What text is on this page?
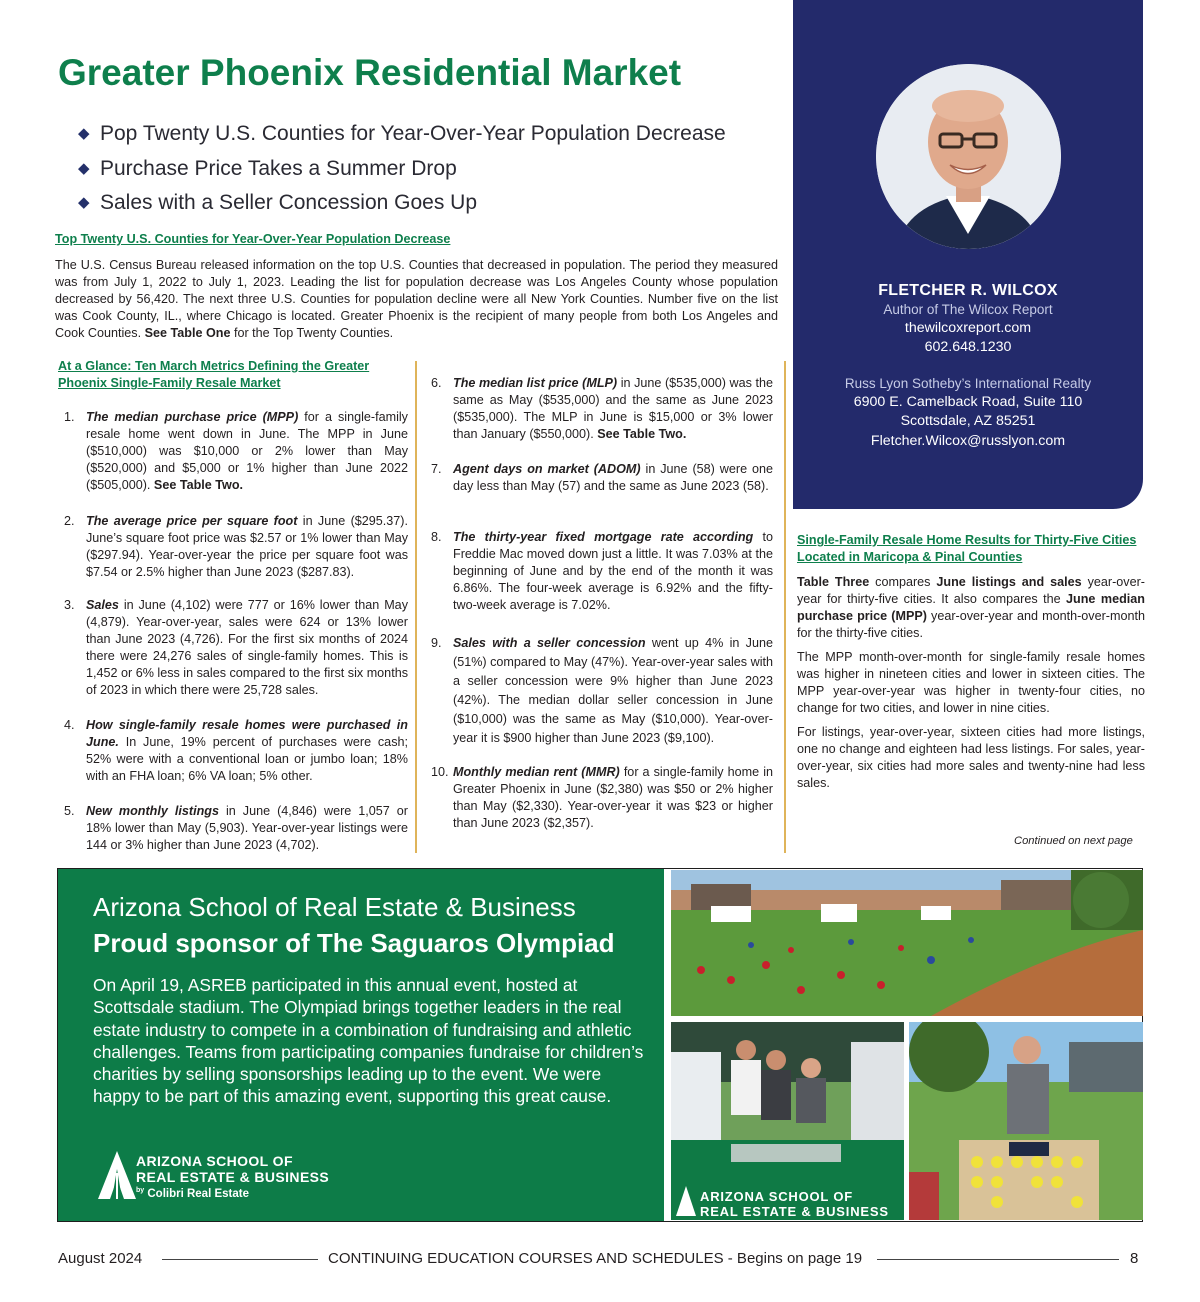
Greater Phoenix Residential Market
◆ Pop Twenty U.S. Counties for Year-Over-Year Population Decrease
◆ Purchase Price Takes a Summer Drop
◆ Sales with a Seller Concession Goes Up
Top Twenty U.S. Counties for Year-Over-Year Population Decrease

The U.S. Census Bureau released information on the top U.S. Counties that decreased in population. The period they measured was from July 1, 2022 to July 1, 2023. Leading the list for population decrease was Los Angeles County whose population decreased by 56,420. The next three U.S. Counties for population decline were all New York Counties. Number five on the list was Cook County, IL., where Chicago is located. Greater Phoenix is the recipient of many people from both Los Angeles and Cook Counties. See Table One for the Top Twenty Counties.

At a Glance: Ten March Metrics Defining the Greater Phoenix Single-Family Resale Market
1. The median purchase price (MPP) for a single-family resale home went down in June. The MPP in June ($510,000) was $10,000 or 2% lower than May ($520,000) and $5,000 or 1% higher than June 2022 ($505,000). See Table Two.
2. The average price per square foot in June ($295.37). June’s square foot price was $2.57 or 1% lower than May ($297.94). Year-over-year the price per square foot was $7.54 or 2.5% higher than June 2023 ($287.83).
3. Sales in June (4,102) were 777 or 16% lower than May (4,879). Year-over-year, sales were 624 or 13% lower than June 2023 (4,726). For the first six months of 2024 there were 24,276 sales of single-family homes. This is 1,452 or 6% less in sales compared to the first six months of 2023 in which there were 25,728 sales.
4. How single-family resale homes were purchased in June. In June, 19% percent of purchases were cash; 52% were with a conventional loan or jumbo loan; 18% with an FHA loan; 6% VA loan; 5% other.
5. New monthly listings in June (4,846) were 1,057 or 18% lower than May (5,903). Year-over-year listings were 144 or 3% higher than June 2023 (4,702).
6. The median list price (MLP) in June ($535,000) was the same as May ($535,000) and the same as June 2023 ($535,000). The MLP in June is $15,000 or 3% lower than January ($550,000). See Table Two.
7. Agent days on market (ADOM) in June (58) were one day less than May (57) and the same as June 2023 (58).
8. The thirty-year fixed mortgage rate according to Freddie Mac moved down just a little. It was 7.03% at the beginning of June and by the end of the month it was 6.86%. The four-week average is 6.92% and the fifty-two-week average is 7.02%.
9. Sales with a seller concession went up 4% in June (51%) compared to May (47%). Year-over-year sales with a seller concession were 9% higher than June 2023 (42%). The median dollar seller concession in June ($10,000) was the same as May ($10,000). Year-over-year it is $900 higher than June 2023 ($9,100).
10. Monthly median rent (MMR) for a single-family home in Greater Phoenix in June ($2,380) was $50 or 2% higher than May ($2,330). Year-over-year it was $23 or higher than June 2023 ($2,357).
FLETCHER R. WILCOX
Author of The Wilcox Report
thewilcoxreport.com
602.648.1230
Russ Lyon Sotheby’s International Realty
6900 E. Camelback Road, Suite 110
Scottsdale, AZ 85251
Fletcher.Wilcox@russlyon.com
Single-Family Resale Home Results for Thirty-Five Cities Located in Maricopa & Pinal Counties

Table Three compares June listings and sales year-over-year for thirty-five cities. It also compares the June median purchase price (MPP) year-over-year and month-over-month for the thirty-five cities.

The MPP month-over-month for single-family resale homes was higher in nineteen cities and lower in sixteen cities. The MPP year-over-year was higher in twenty-four cities, no change for two cities, and lower in nine cities.

For listings, year-over-year, sixteen cities had more listings, one no change and eighteen had less listings. For sales, year-over-year, six cities had more sales and twenty-nine had less sales.

Continued on next page
Arizona School of Real Estate & Business
Proud sponsor of The Saguaros Olympiad

On April 19, ASREB participated in this annual event, hosted at Scottsdale stadium. The Olympiad brings together leaders in the real estate industry to compete in a combination of fundraising and athletic challenges. Teams from participating companies fundraise for children’s charities by selling sponsorships leading up to the event. We were happy to be part of this amazing event, supporting this great cause.

ARIZONA SCHOOL OF
REAL ESTATE & BUSINESS
$^{by}$ Colibri Real Estate	ARIZONA SCHOOL OF
REAL ESTATE & BUSINESS
August 2024	CONTINUING EDUCATION COURSES AND SCHEDULES - Begins on page 19	8
